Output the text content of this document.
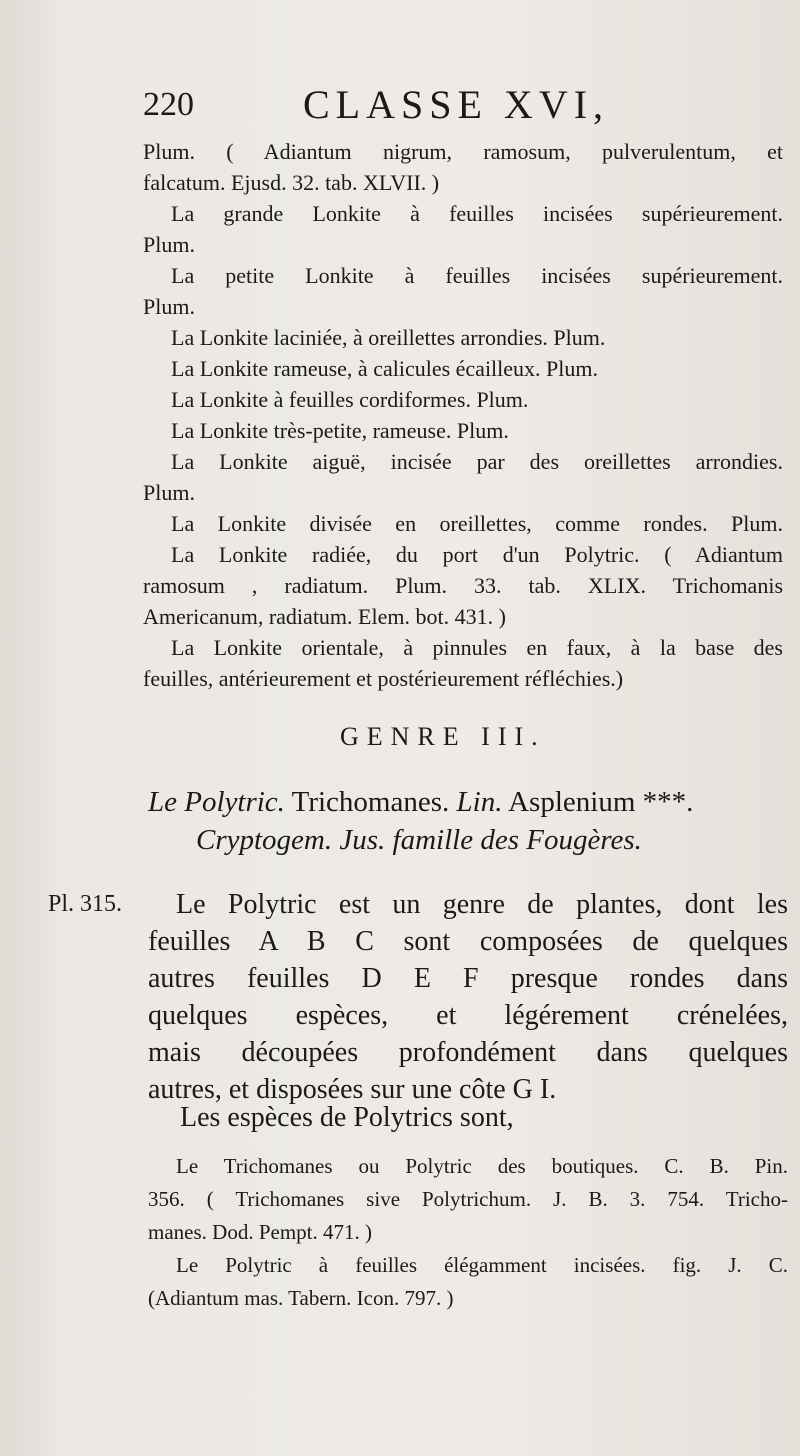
220	CLASSE XVI,
Plum. ( Adiantum nigrum, ramosum, pulverulentum, et
falcatum. Ejusd. 32. tab. XLVII. )
La grande Lonkite à feuilles incisées supérieurement.
Plum.
La petite Lonkite à feuilles incisées supérieurement.
Plum.
La Lonkite laciniée, à oreillettes arrondies. Plum.
La Lonkite rameuse, à calicules écailleux. Plum.
La Lonkite à feuilles cordiformes. Plum.
La Lonkite très-petite, rameuse. Plum.
La Lonkite aiguë, incisée par des oreillettes arrondies.
Plum.
La Lonkite divisée en oreillettes, comme rondes. Plum.
La Lonkite radiée, du port d'un Polytric. ( Adiantum
ramosum , radiatum. Plum. 33. tab. XLIX. Trichomanis
Americanum, radiatum. Elem. bot. 431. )
La Lonkite orientale, à pinnules en faux, à la base des
feuilles, antérieurement et postérieurement réfléchies.)
GENRE III.
Le Polytric. Trichomanes. Lin. Asplenium ***.
Cryptogem. Jus. famille des Fougères.
Pl. 315.	Le Polytric est un genre de plantes, dont les
feuilles A B C sont composées de quelques
autres feuilles D E F presque rondes dans
quelques espèces, et légérement crénelées,
mais découpées profondément dans quelques
autres, et disposées sur une côte G I.
Les espèces de Polytrics sont,
Le Trichomanes ou Polytric des boutiques. C. B. Pin.
356. ( Trichomanes sive Polytrichum. J. B. 3. 754. Tricho-
manes. Dod. Pempt. 471. )
Le Polytric à feuilles élégamment incisées. fig. J. C.
(Adiantum mas. Tabern. Icon. 797. )
